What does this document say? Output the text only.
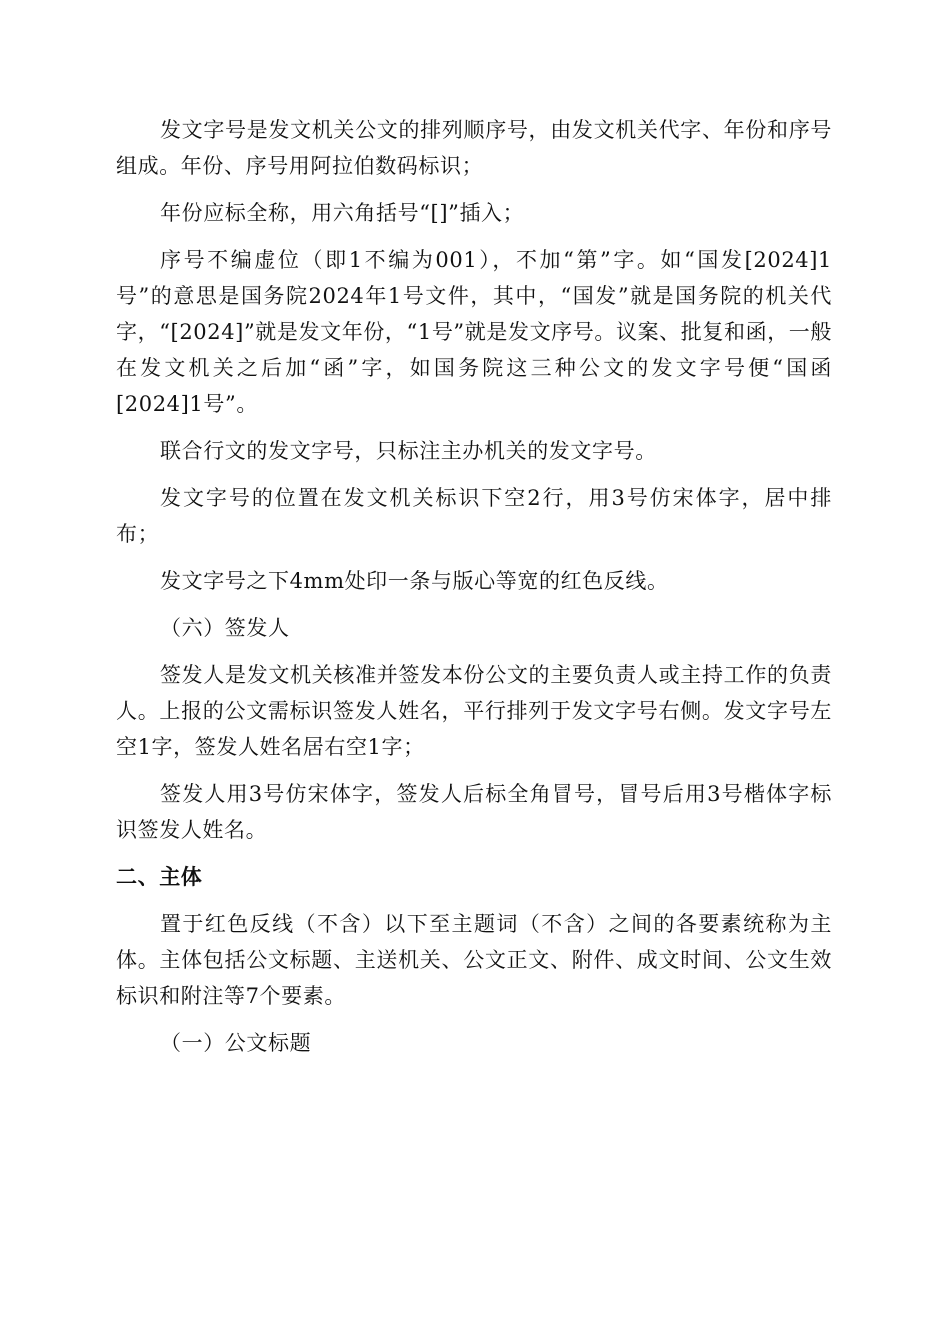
发文字号是发文机关公文的排列顺序号，由发文机关代字、年份和序号组成。年份、序号用阿拉伯数码标识；

年份应标全称，用六角括号“[]”插入；

序号不编虚位（即1不编为001），不加“第”字。如“国发[2024]1号”的意思是国务院2024年1号文件，其中，“国发”就是国务院的机关代字，“[2024]”就是发文年份，“1号”就是发文序号。议案、批复和函，一般在发文机关之后加“函”字，如国务院这三种公文的发文字号便“国函[2024]1号”。

联合行文的发文字号，只标注主办机关的发文字号。

发文字号的位置在发文机关标识下空2行，用3号仿宋体字，居中排布；

发文字号之下4mm处印一条与版心等宽的红色反线。

（六）签发人

签发人是发文机关核准并签发本份公文的主要负责人或主持工作的负责人。上报的公文需标识签发人姓名，平行排列于发文字号右侧。发文字号左空1字，签发人姓名居右空1字；

签发人用3号仿宋体字，签发人后标全角冒号，冒号后用3号楷体字标识签发人姓名。

二、主体

置于红色反线（不含）以下至主题词（不含）之间的各要素统称为主体。主体包括公文标题、主送机关、公文正文、附件、成文时间、公文生效标识和附注等7个要素。

（一）公文标题
